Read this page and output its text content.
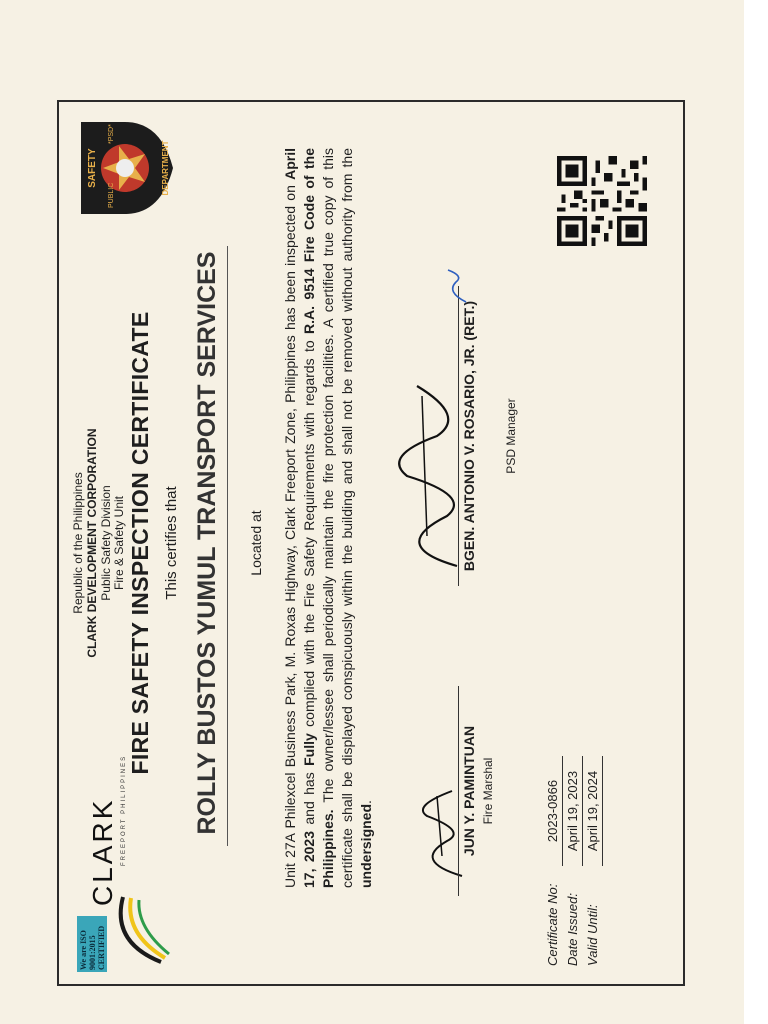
We are ISO 9001:2015 CERTIFIED
CLARK FREEPORT PHILIPPINES
Republic of the Philippines CLARK DEVELOPMENT CORPORATION Public Safety Division Fire & Safety Unit
SAFETY	DEPARTMENT
PUBLIC
*PSD*
FIRE SAFETY INSPECTION CERTIFICATE This certifies that ROLLY BUSTOS YUMUL TRANSPORT SERVICES Located at Unit 27A Philexcel Business Park, M. Roxas Highway, Clark Freeport Zone, Philippines has been inspected on April 17, 2023 and has Fully complied with the Fire Safety Requirements with regards to R.A. 9514 Fire Code of the Philippines. The owner/lessee shall periodically maintain the fire protection facilities. A certified true copy of this certificate shall be displayed conspicuously within the building and shall not be removed without authority from the undersigned.	JUN Y. PAMINTUAN Fire Marshal
BGEN. ANTONIO V. ROSARIO, JR. (RET.) PSD Manager
Certificate No:
2023-0866
Date Issued:
April 19, 2023
Valid Until:
April 19, 2024
